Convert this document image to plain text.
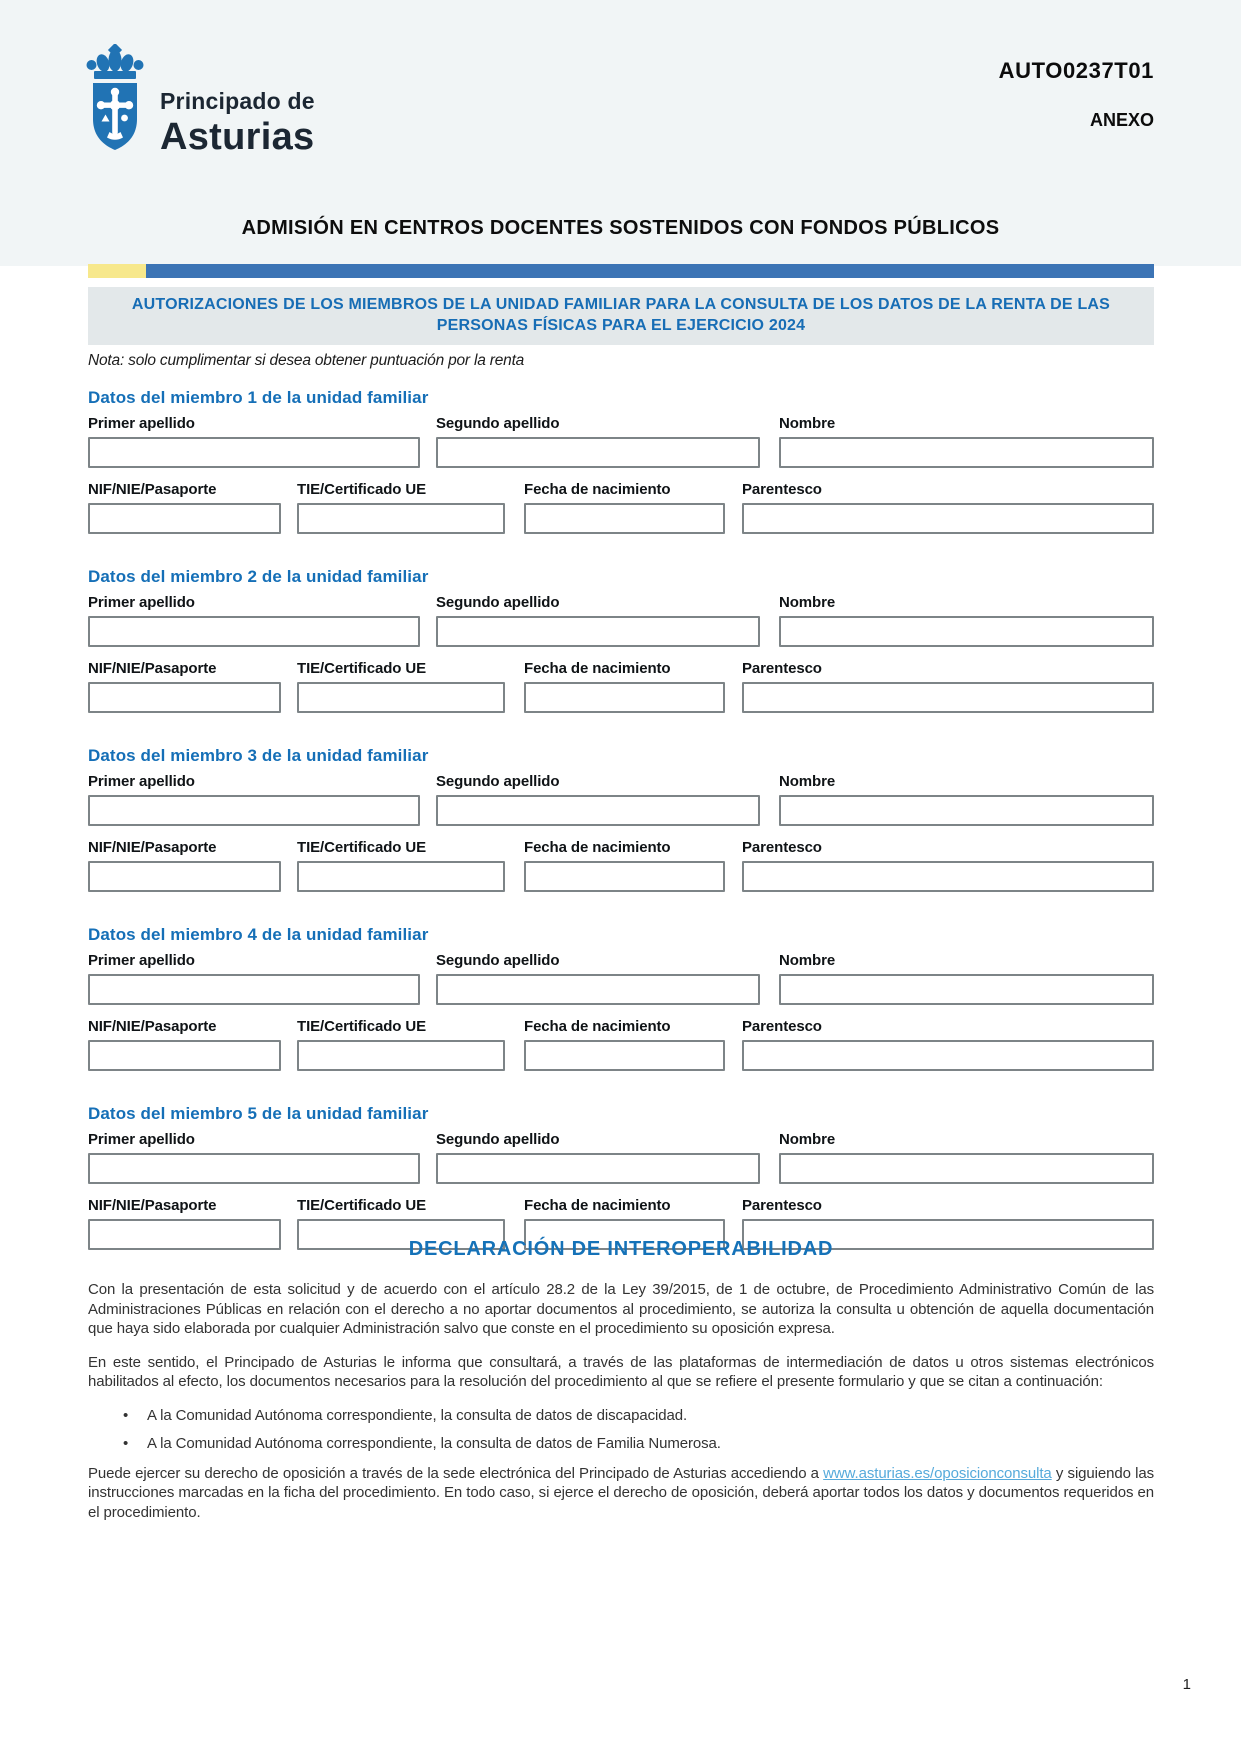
Principado de
Asturias
AUTO0237T01
ANEXO
ADMISIÓN EN CENTROS DOCENTES SOSTENIDOS CON FONDOS PÚBLICOS
AUTORIZACIONES DE LOS MIEMBROS DE LA UNIDAD FAMILIAR PARA LA CONSULTA DE LOS DATOS DE LA RENTA DE LAS PERSONAS FÍSICAS PARA EL EJERCICIO 2024
Nota: solo cumplimentar si desea obtener puntuación por la renta
Datos del miembro 1 de la unidad familiar
Primer apellido	Segundo apellido	Nombre
NIF/NIE/Pasaporte	TIE/Certificado UE	Fecha de nacimiento	Parentesco
Datos del miembro 2 de la unidad familiar
Primer apellido	Segundo apellido	Nombre
NIF/NIE/Pasaporte	TIE/Certificado UE	Fecha de nacimiento	Parentesco
Datos del miembro 3 de la unidad familiar
Primer apellido	Segundo apellido	Nombre
NIF/NIE/Pasaporte	TIE/Certificado UE	Fecha de nacimiento	Parentesco
Datos del miembro 4 de la unidad familiar
Primer apellido	Segundo apellido	Nombre
NIF/NIE/Pasaporte	TIE/Certificado UE	Fecha de nacimiento	Parentesco
Datos del miembro 5 de la unidad familiar
Primer apellido	Segundo apellido	Nombre
NIF/NIE/Pasaporte	TIE/Certificado UE	Fecha de nacimiento	Parentesco
DECLARACIÓN DE INTEROPERABILIDAD

Con la presentación de esta solicitud y de acuerdo con el artículo 28.2 de la Ley 39/2015, de 1 de octubre, de Procedimiento Administrativo Común de las Administraciones Públicas en relación con el derecho a no aportar documentos al procedimiento, se autoriza la consulta u obtención de aquella documentación que haya sido elaborada por cualquier Administración salvo que conste en el procedimiento su oposición expresa.

En este sentido, el Principado de Asturias le informa que consultará, a través de las plataformas de intermediación de datos u otros sistemas electrónicos habilitados al efecto, los documentos necesarios para la resolución del procedimiento al que se refiere el presente formulario y que se citan a continuación:

•	A la Comunidad Autónoma correspondiente, la consulta de datos de discapacidad.
•	A la Comunidad Autónoma correspondiente, la consulta de datos de Familia Numerosa.

Puede ejercer su derecho de oposición a través de la sede electrónica del Principado de Asturias accediendo a www.asturias.es/oposicionconsulta y siguiendo las instrucciones marcadas en la ficha del procedimiento. En todo caso, si ejerce el derecho de oposición, deberá aportar todos los datos y documentos requeridos en el procedimiento.

1
